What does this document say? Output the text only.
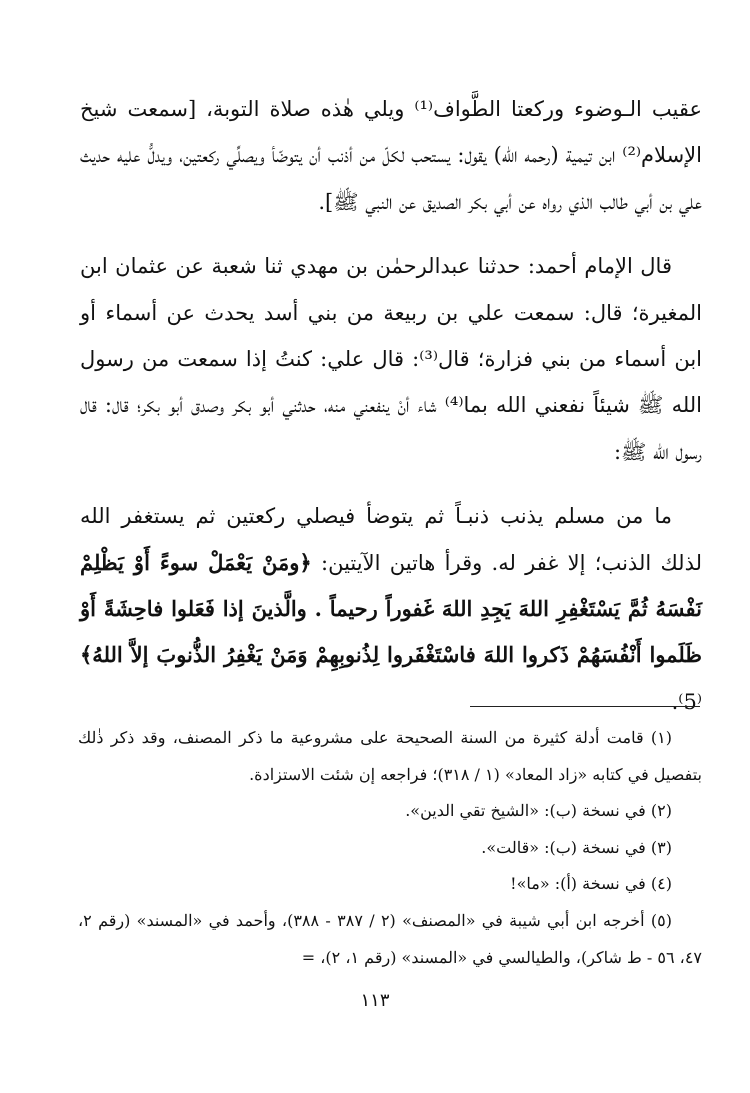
عقيب الـوضوء وركعتا الطَّواف⁽¹⁾ ويلي هٰذه صلاة التوبة، [سمعت شيخ الإسلام⁽²⁾ ابن تيمية (رحمه الله) يقول: يستحب لكلّ من أذنب أن يتوضّأ ويصلِّي ركعتين، ويدلُّ عليه حديث علي بن أبي طالب الذي رواه عن أبي بكر الصديق عن النبي ﷺ].

قال الإمام أحمد: حدثنا عبدالرحمٰن بن مهدي ثنا شعبة عن عثمان ابن المغيرة؛ قال: سمعت علي بن ربيعة من بني أسد يحدث عن أسماء أو ابن أسماء من بني فزارة؛ قال⁽³⁾: قال علي: كنتُ إذا سمعت من رسول الله ﷺ شيئاً نفعني الله بما⁽⁴⁾ شاء أنْ ينفعني منه، حدثني أبو بكر وصدق أبو بكر؛ قال: قال رسول الله ﷺ:

ما من مسلم يذنب ذنبـاً ثم يتوضأ فيصلي ركعتين ثم يستغفر الله لذلك الذنب؛ إلا غفر له. وقرأ هاتين الآيتين: ﴿ومَنْ يَعْمَلْ سوءً أَوْ يَظْلِمْ نَفْسَهُ ثُمَّ يَسْتَغْفِرِ اللهَ يَجِدِ اللهَ غَفوراً رحيماً . والَّذينَ إذا فَعَلوا فاحِشَةً أَوْ ظَلَموا أَنْفُسَهُمْ ذَكروا اللهَ فاسْتَغْفَروا لِذُنوبِهِمْ وَمَنْ يَغْفِرُ الذُّنوبَ إلاَّ اللهُ﴾⁽5⁾.

(١) قامت أدلة كثيرة من السنة الصحيحة على مشروعية ما ذكر المصنف، وقد ذكر ذٰلك بتفصيل في كتابه «زاد المعاد» (١ / ٣١٨)؛ فراجعه إن شئت الاستزادة.

(٢) في نسخة (ب): «الشيخ تقي الدين».

(٣) في نسخة (ب): «قالت».

(٤) في نسخة (أ): «ما»!

(٥) أخرجه ابن أبي شيبة في «المصنف» (٢ / ٣٨٧ - ٣٨٨)، وأحمد في «المسند» (رقم ٢، ٤٧، ٥٦ - ط شاكر)، والطيالسي في «المسند» (رقم ١، ٢)، =

١١٣
